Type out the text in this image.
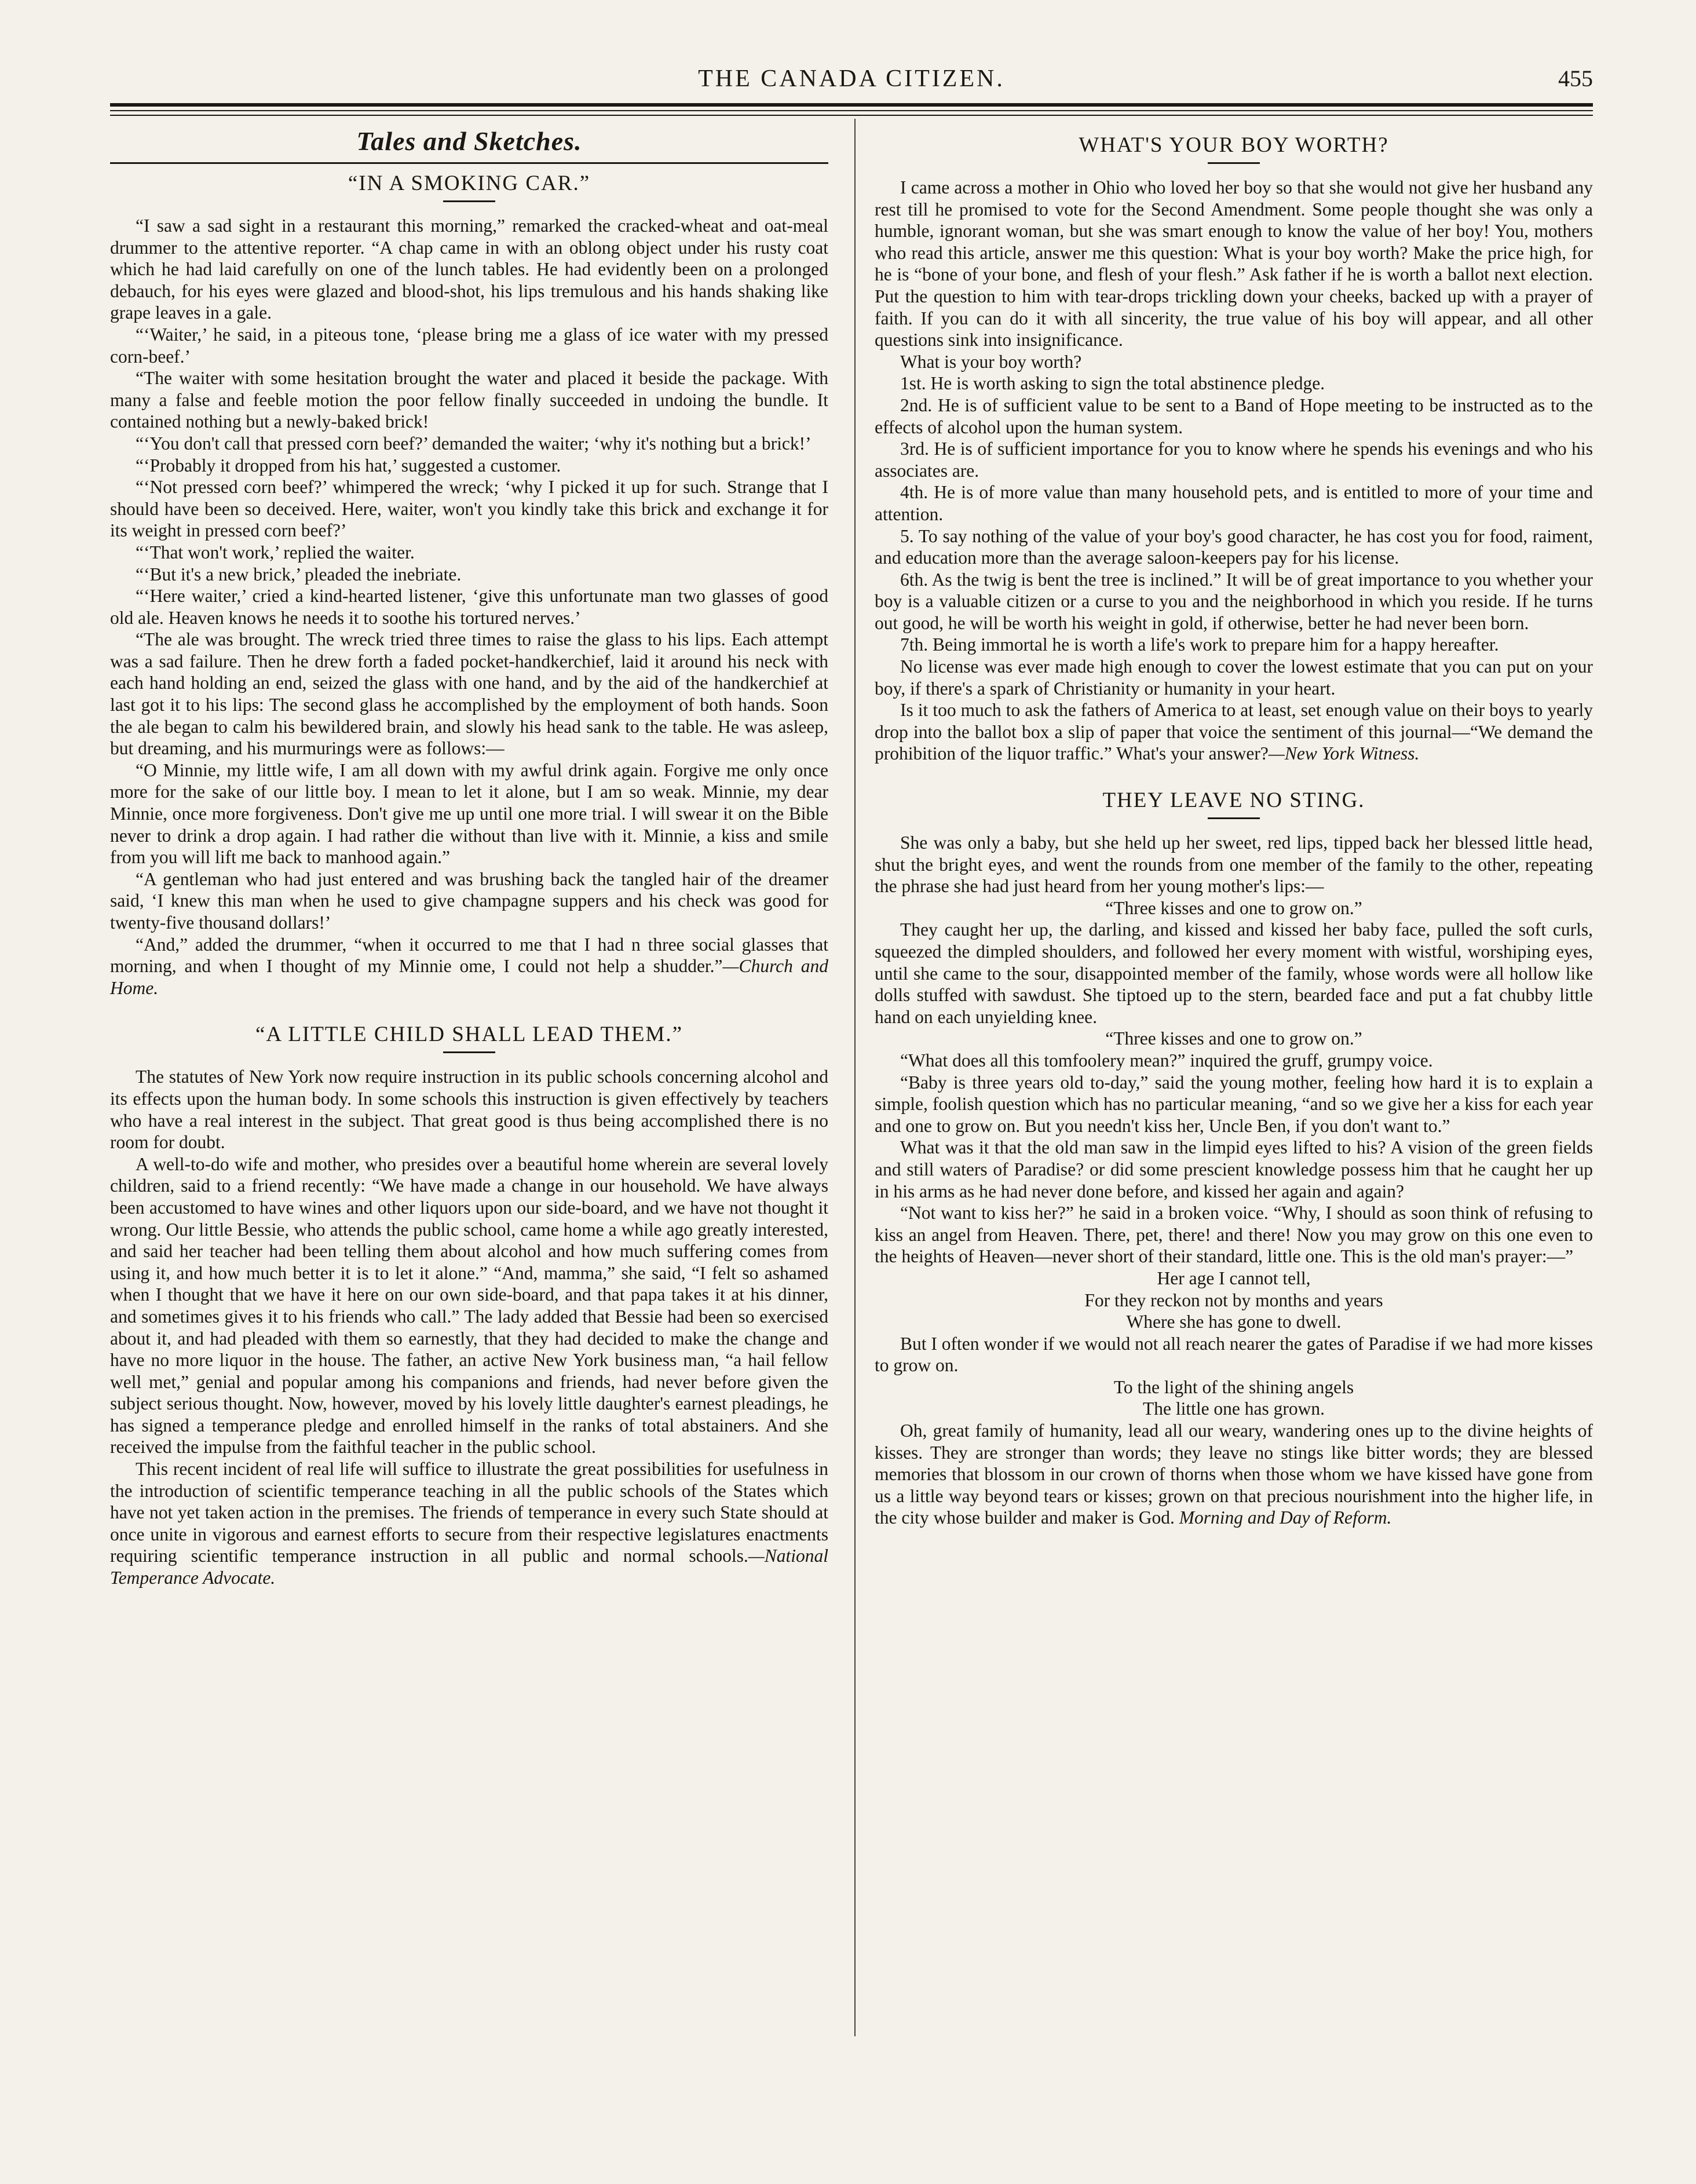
THE CANADA CITIZEN.	455
Tales and Sketches.
“IN A SMOKING CAR.”

“I saw a sad sight in a restaurant this morning,” remarked the cracked-wheat and oat-meal drummer to the attentive reporter. “A chap came in with an oblong object under his rusty coat which he had laid carefully on one of the lunch tables. He had evidently been on a prolonged debauch, for his eyes were glazed and blood-shot, his lips tremulous and his hands shaking like grape leaves in a gale.

“‘Waiter,’ he said, in a piteous tone, ‘please bring me a glass of ice water with my pressed corn-beef.’

“The waiter with some hesitation brought the water and placed it beside the package. With many a false and feeble motion the poor fellow finally succeeded in undoing the bundle. It contained nothing but a newly-baked brick!

“‘You don't call that pressed corn beef?’ demanded the waiter; ‘why it's nothing but a brick!’

“‘Probably it dropped from his hat,’ suggested a customer.

“‘Not pressed corn beef?’ whimpered the wreck; ‘why I picked it up for such. Strange that I should have been so deceived. Here, waiter, won't you kindly take this brick and exchange it for its weight in pressed corn beef?’

“‘That won't work,’ replied the waiter.

“‘But it's a new brick,’ pleaded the inebriate.

“‘Here waiter,’ cried a kind-hearted listener, ‘give this unfortunate man two glasses of good old ale. Heaven knows he needs it to soothe his tortured nerves.’

“The ale was brought. The wreck tried three times to raise the glass to his lips. Each attempt was a sad failure. Then he drew forth a faded pocket-handkerchief, laid it around his neck with each hand holding an end, seized the glass with one hand, and by the aid of the handkerchief at last got it to his lips: The second glass he accomplished by the employment of both hands. Soon the ale began to calm his bewildered brain, and slowly his head sank to the table. He was asleep, but dreaming, and his murmurings were as follows:—

“O Minnie, my little wife, I am all down with my awful drink again. Forgive me only once more for the sake of our little boy. I mean to let it alone, but I am so weak. Minnie, my dear Minnie, once more forgiveness. Don't give me up until one more trial. I will swear it on the Bible never to drink a drop again. I had rather die without than live with it. Minnie, a kiss and smile from you will lift me back to manhood again.”

“A gentleman who had just entered and was brushing back the tangled hair of the dreamer said, ‘I knew this man when he used to give champagne suppers and his check was good for twenty-five thousand dollars!’

“And,” added the drummer, “when it occurred to me that I had n three social glasses that morning, and when I thought of my Minnie ome, I could not help a shudder.”—Church and Home.

“A LITTLE CHILD SHALL LEAD THEM.”

The statutes of New York now require instruction in its public schools concerning alcohol and its effects upon the human body. In some schools this instruction is given effectively by teachers who have a real interest in the subject. That great good is thus being accomplished there is no room for doubt.

A well-to-do wife and mother, who presides over a beautiful home wherein are several lovely children, said to a friend recently: “We have made a change in our household. We have always been accustomed to have wines and other liquors upon our side-board, and we have not thought it wrong. Our little Bessie, who attends the public school, came home a while ago greatly interested, and said her teacher had been telling them about alcohol and how much suffering comes from using it, and how much better it is to let it alone.” “And, mamma,” she said, “I felt so ashamed when I thought that we have it here on our own side-board, and that papa takes it at his dinner, and sometimes gives it to his friends who call.” The lady added that Bessie had been so exercised about it, and had pleaded with them so earnestly, that they had decided to make the change and have no more liquor in the house. The father, an active New York business man, “a hail fellow well met,” genial and popular among his companions and friends, had never before given the subject serious thought. Now, however, moved by his lovely little daughter's earnest pleadings, he has signed a temperance pledge and enrolled himself in the ranks of total abstainers. And she received the impulse from the faithful teacher in the public school.

This recent incident of real life will suffice to illustrate the great possibilities for usefulness in the introduction of scientific temperance teaching in all the public schools of the States which have not yet taken action in the premises. The friends of temperance in every such State should at once unite in vigorous and earnest efforts to secure from their respective legislatures enactments requiring scientific temperance instruction in all public and normal schools.—National Temperance Advocate.

WHAT'S YOUR BOY WORTH?

I came across a mother in Ohio who loved her boy so that she would not give her husband any rest till he promised to vote for the Second Amendment. Some people thought she was only a humble, ignorant woman, but she was smart enough to know the value of her boy! You, mothers who read this article, answer me this question: What is your boy worth? Make the price high, for he is “bone of your bone, and flesh of your flesh.” Ask father if he is worth a ballot next election. Put the question to him with tear-drops trickling down your cheeks, backed up with a prayer of faith. If you can do it with all sincerity, the true value of his boy will appear, and all other questions sink into insignificance.

What is your boy worth?

1st. He is worth asking to sign the total abstinence pledge.

2nd. He is of sufficient value to be sent to a Band of Hope meeting to be instructed as to the effects of alcohol upon the human system.

3rd. He is of sufficient importance for you to know where he spends his evenings and who his associates are.

4th. He is of more value than many household pets, and is entitled to more of your time and attention.

5. To say nothing of the value of your boy's good character, he has cost you for food, raiment, and education more than the average saloon-keepers pay for his license.

6th. As the twig is bent the tree is inclined.” It will be of great importance to you whether your boy is a valuable citizen or a curse to you and the neighborhood in which you reside. If he turns out good, he will be worth his weight in gold, if otherwise, better he had never been born.

7th. Being immortal he is worth a life's work to prepare him for a happy hereafter.

No license was ever made high enough to cover the lowest estimate that you can put on your boy, if there's a spark of Christianity or humanity in your heart.

Is it too much to ask the fathers of America to at least, set enough value on their boys to yearly drop into the ballot box a slip of paper that voice the sentiment of this journal—“We demand the prohibition of the liquor traffic.” What's your answer?—New York Witness.

THEY LEAVE NO STING.

She was only a baby, but she held up her sweet, red lips, tipped back her blessed little head, shut the bright eyes, and went the rounds from one member of the family to the other, repeating the phrase she had just heard from her young mother's lips:—

“Three kisses and one to grow on.”

They caught her up, the darling, and kissed and kissed her baby face, pulled the soft curls, squeezed the dimpled shoulders, and followed her every moment with wistful, worshiping eyes, until she came to the sour, disappointed member of the family, whose words were all hollow like dolls stuffed with sawdust. She tiptoed up to the stern, bearded face and put a fat chubby little hand on each unyielding knee.

“Three kisses and one to grow on.”

“What does all this tomfoolery mean?” inquired the gruff, grumpy voice.

“Baby is three years old to-day,” said the young mother, feeling how hard it is to explain a simple, foolish question which has no particular meaning, “and so we give her a kiss for each year and one to grow on. But you needn't kiss her, Uncle Ben, if you don't want to.”

What was it that the old man saw in the limpid eyes lifted to his? A vision of the green fields and still waters of Paradise? or did some prescient knowledge possess him that he caught her up in his arms as he had never done before, and kissed her again and again?

“Not want to kiss her?” he said in a broken voice. “Why, I should as soon think of refusing to kiss an angel from Heaven. There, pet, there! and there! Now you may grow on this one even to the heights of Heaven—never short of their standard, little one. This is the old man's prayer:—”

Her age I cannot tell,

For they reckon not by months and years

Where she has gone to dwell.

But I often wonder if we would not all reach nearer the gates of Paradise if we had more kisses to grow on.

To the light of the shining angels

The little one has grown.

Oh, great family of humanity, lead all our weary, wandering ones up to the divine heights of kisses. They are stronger than words; they leave no stings like bitter words; they are blessed memories that blossom in our crown of thorns when those whom we have kissed have gone from us a little way beyond tears or kisses; grown on that precious nourishment into the higher life, in the city whose builder and maker is God. Morning and Day of Reform.
